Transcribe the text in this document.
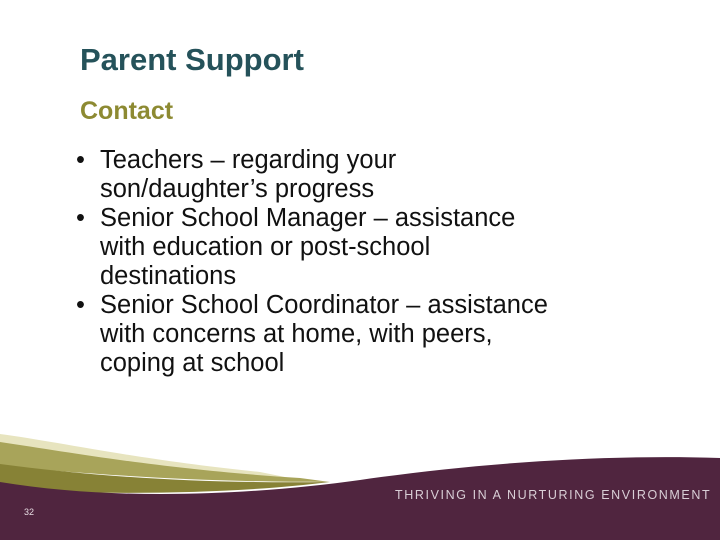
Parent Support
Contact
• Teachers – regarding your
son/daughter’s progress
• Senior School Manager – assistance
with education or post-school
destinations
• Senior School Coordinator – assistance
with concerns at home, with peers,
coping at school
THRIVING IN A NURTURING ENVIRONMENT
32
